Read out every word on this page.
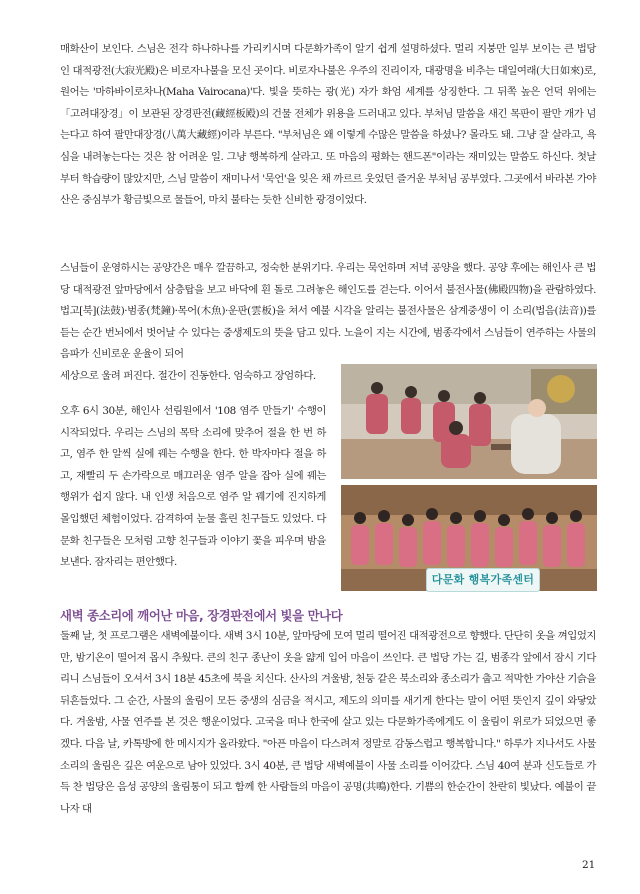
매화산이 보인다. 스님은 전각 하나하나를 가리키시며 다문화가족이 알기 쉽게 설명하셨다. 멀리 지붕만 일부 보이는 큰 법당인 대적광전(大寂光殿)은 비로자나불을 모신 곳이다. 비로자나불은 우주의 진리이자, 대광명을 비추는 대일여래(大日如來)로, 원어는 '마하바이로차나(Maha Vairocana)'다. 빛을 뜻하는 광(光) 자가 화엄 세계를 상징한다. 그 뒤쪽 높은 언덕 위에는 「고려대장경」이 보관된 장경판전(藏經板殿)의 건물 전체가 위용을 드러내고 있다. 부처님 말씀을 새긴 목판이 팔만 개가 넘는다고 하여 팔만대장경(八萬大藏經)이라 부른다. "부처님은 왜 이렇게 수많은 말씀을 하셨나? 몰라도 돼. 그냥 잘 살라고, 욕심을 내려놓는다는 것은 참 어려운 일. 그냥 행복하게 살라고. 또 마음의 평화는 핸드폰"이라는 재미있는 말씀도 하신다. 첫날부터 학습량이 많았지만, 스님 말씀이 재미나서 '묵언'을 잊은 채 까르르 웃었던 즐거운 부처님 공부였다. 그곳에서 바라본 가야산은 중심부가 황금빛으로 물들어, 마치 불타는 듯한 신비한 광경이었다.

스님들이 운영하시는 공양간은 매우 깔끔하고, 정숙한 분위기다. 우리는 묵언하며 저녁 공양을 했다. 공양 후에는 해인사 큰 법당 대적광전 앞마당에서 삼층탑을 보고 바닥에 흰 돌로 그려놓은 해인도를 걷는다. 이어서 불전사물(佛殿四物)을 관람하였다. 법고[북](法鼓)·범종(梵鐘)·목어(木魚)·운판(雲板)을 쳐서 예불 시각을 알리는 불전사물은 삼계중생이 이 소리(법음(法音))를 듣는 순간 번뇌에서 벗어날 수 있다는 중생제도의 뜻을 담고 있다. 노을이 지는 시간에, 범종각에서 스님들이 연주하는 사물의 음파가 신비로운 운율이 되어

세상으로 울려 퍼진다. 절간이 진동한다. 엄숙하고 장엄하다.

오후 6시 30분, 해인사 선림원에서 '108 염주 만들기' 수행이 시작되었다. 우리는 스님의 목탁 소리에 맞추어 절을 한 번 하고, 염주 한 알씩 실에 꿰는 수행을 한다. 한 박자마다 절을 하고, 재빨리 두 손가락으로 매끄러운 염주 알을 잡아 실에 꿰는 행위가 쉽지 않다. 내 인생 처음으로 염주 알 꿰기에 진지하게 몰입했던 체험이었다. 감격하여 눈물 흘린 친구들도 있었다. 다문화 친구들은 모처럼 고향 친구들과 이야기 꽃을 피우며 밤을 보낸다. 잠자리는 편안했다.

다문화 행복가족센터
새벽 종소리에 깨어난 마음, 장경판전에서 빛을 만나다

둘째 날, 첫 프로그램은 새벽예불이다. 새벽 3시 10분, 앞마당에 모여 멀리 떨어진 대적광전으로 향했다. 단단히 옷을 껴입었지만, 밤기온이 떨어져 몹시 추웠다. 큰의 친구 종난이 옷을 얇게 입어 마음이 쓰인다. 큰 법당 가는 길, 범종각 앞에서 잠시 기다리니 스님들이 오셔서 3시 18분 45초에 북을 치신다. 산사의 겨울밤, 천둥 같은 북소리와 종소리가 춥고 적막한 가야산 기슭을 뒤흔들었다. 그 순간, 사물의 울림이 모든 중생의 심금을 적시고, 제도의 의미를 새기게 한다는 말이 어떤 뜻인지 깊이 와닿았다. 겨울밤, 사물 연주를 본 것은 행운이었다. 고국을 떠나 한국에 살고 있는 다문화가족에게도 이 울림이 위로가 되었으면 좋겠다. 다음 날, 카톡방에 한 메시지가 올라왔다. "아픈 마음이 다스려져 정말로 감동스럽고 행복합니다." 하루가 지나서도 사물 소리의 울림은 깊은 여운으로 남아 있었다. 3시 40분, 큰 법당 새벽예불이 사물 소리를 이어갔다. 스님 40여 분과 신도들로 가득 찬 법당은 음성 공양의 울림통이 되고 함께 한 사람들의 마음이 공명(共鳴)한다. 기쁨의 한순간이 찬란히 빛났다. 예불이 끝나자 대

21
